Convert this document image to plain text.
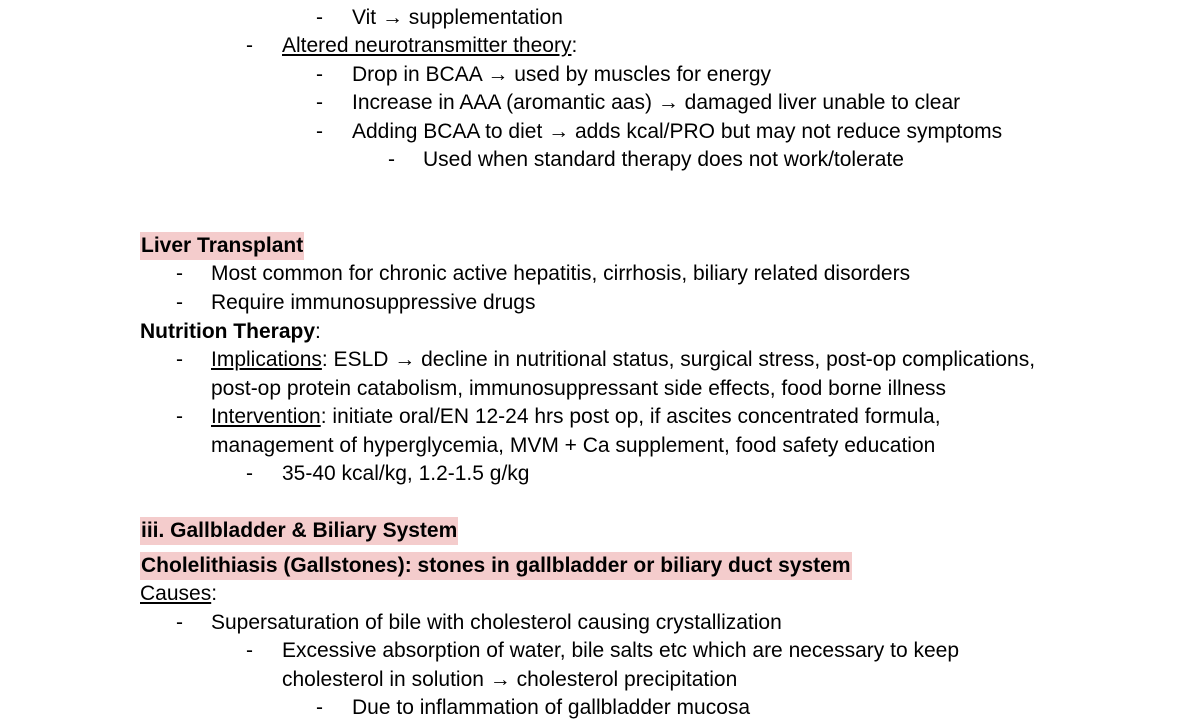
- Vit → supplementation
- Altered neurotransmitter theory:
- Drop in BCAA → used by muscles for energy
- Increase in AAA (aromantic aas) → damaged liver unable to clear
- Adding BCAA to diet → adds kcal/PRO but may not reduce symptoms
- Used when standard therapy does not work/tolerate
Liver Transplant
- Most common for chronic active hepatitis, cirrhosis, biliary related disorders
- Require immunosuppressive drugs
Nutrition Therapy:
- Implications: ESLD → decline in nutritional status, surgical stress, post-op complications,
post-op protein catabolism, immunosuppressant side effects, food borne illness
- Intervention: initiate oral/EN 12-24 hrs post op, if ascites concentrated formula,
management of hyperglycemia, MVM + Ca supplement, food safety education
- 35-40 kcal/kg, 1.2-1.5 g/kg
iii. Gallbladder & Biliary System
Cholelithiasis (Gallstones): stones in gallbladder or biliary duct system
Causes:
- Supersaturation of bile with cholesterol causing crystallization
- Excessive absorption of water, bile salts etc which are necessary to keep
cholesterol in solution → cholesterol precipitation
- Due to inflammation of gallbladder mucosa
